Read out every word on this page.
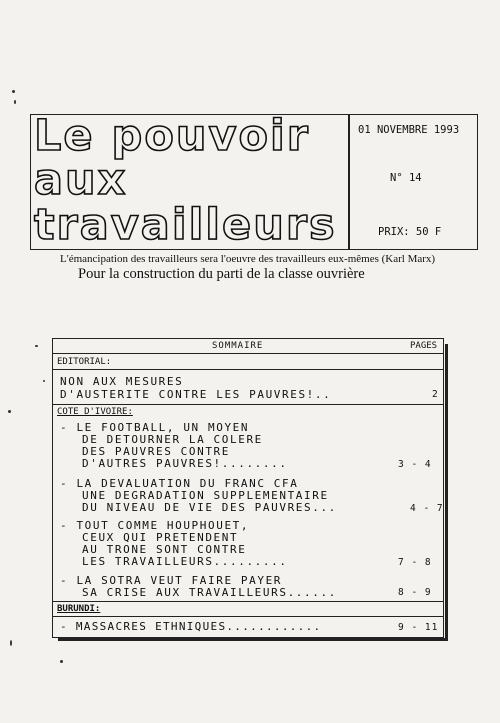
Le pouvoir
aux
travailleurs
01 NOVEMBRE 1993
N° 14
PRIX: 50 F
L'émancipation des travailleurs sera l'oeuvre des travailleurs eux-mêmes (Karl Marx)
Pour la construction du parti de la classe ouvrière
SOMMAIRE	PAGES
EDITORIAL:
NON AUX MESURES
D'AUSTERITE CONTRE LES PAUVRES!..	2
COTE D'IVOIRE:
- LE FOOTBALL, UN MOYEN
DE DETOURNER LA COLERE
DES PAUVRES CONTRE
D'AUTRES PAUVRES!........	3 - 4
- LA DEVALUATION DU FRANC CFA
UNE DEGRADATION SUPPLEMENTAIRE
DU NIVEAU DE VIE DES PAUVRES...	4 - 7
- TOUT COMME HOUPHOUET,
CEUX QUI PRETENDENT
AU TRONE SONT CONTRE
LES TRAVAILLEURS.........	7 - 8
- LA SOTRA VEUT FAIRE PAYER
SA CRISE AUX TRAVAILLEURS......	8 - 9
BURUNDI:
- MASSACRES ETHNIQUES............	9 - 11
